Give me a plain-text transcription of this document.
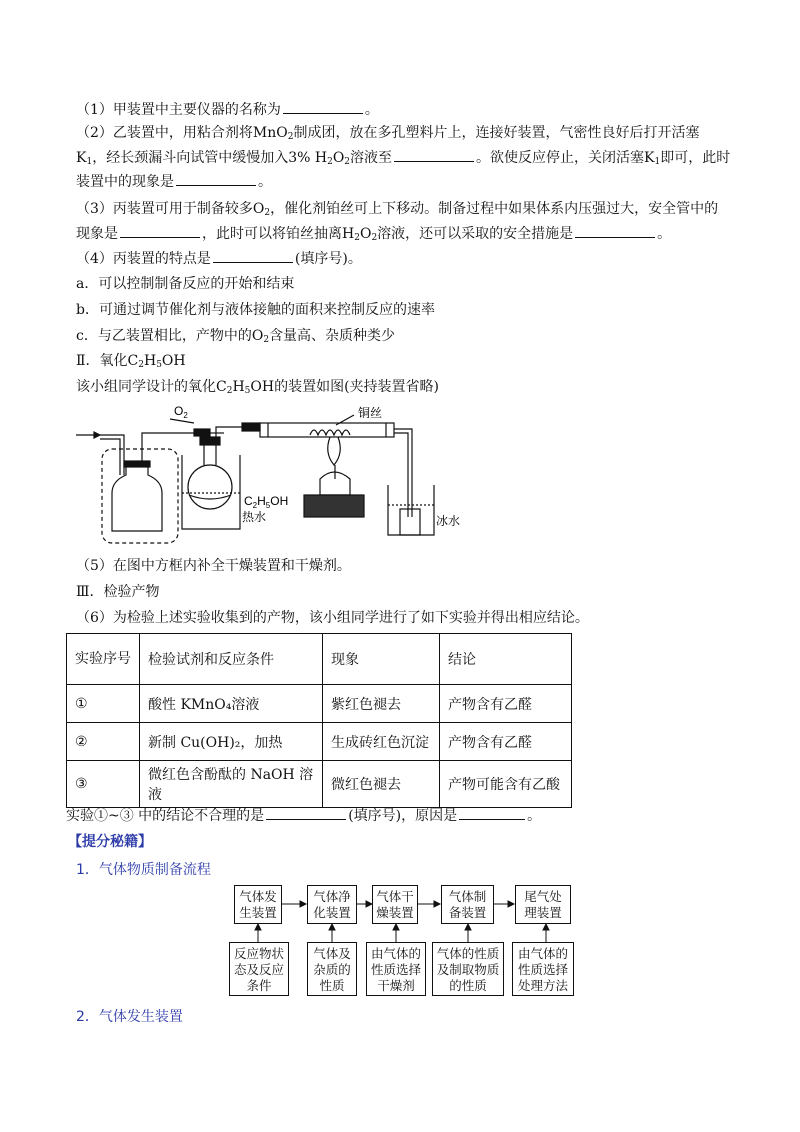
（1）甲装置中主要仪器的名称为	。
（2）乙装置中，用粘合剂将MnO$_2$制成团，放在多孔塑料片上，连接好装置，气密性良好后打开活塞
$K_1$，经长颈漏斗向试管中缓慢加入3% $H_2O_2$溶液至	。欲使反应停止，关闭活塞$K_1$即可，此时
装置中的现象是	。
（3）丙装置可用于制备较多$O_2$，催化剂铂丝可上下移动。制备过程中如果体系内压强过大，安全管中的
现象是	，此时可以将铂丝抽离$H_2O_2$溶液，还可以采取的安全措施是	。
（4）丙装置的特点是	(填序号)。
a．可以控制制备反应的开始和结束
b．可通过调节催化剂与液体接触的面积来控制反应的速率
c．与乙装置相比，产物中的$O_2$含量高、杂质种类少
Ⅱ．氧化$C_2H_5OH$
该小组同学设计的氧化$C_2H_5OH$的装置如图(夹持装置省略)
$O_2$	铜丝
$C_2H_5OH$
热水	冰水
（5）在图中方框内补全干燥装置和干燥剂。
Ⅲ．检验产物
（6）为检验上述实验收集到的产物，该小组同学进行了如下实验并得出相应结论。
实验序号	检验试剂和反应条件	现象	结论
①	酸性 KMnO₄溶液	紫红色褪去	产物含有乙醛
②	新制 Cu(OH)₂，加热	生成砖红色沉淀	产物含有乙醛
③	微红色含酚酞的 NaOH 溶液	微红色褪去	产物可能含有乙酸
实验①~③ 中的结论不合理的是	(填序号)，原因是	。
【提分秘籍】
1．气体物质制备流程
气体发
生装置
气体净
化装置
气体干
燥装置
气体制
备装置
尾气处
理装置
反应物状
态及反应
条件
气体及
杂质的
性质
由气体的
性质选择
干燥剂
气体的性质
及制取物质
的性质
由气体的
性质选择
处理方法
2．气体发生装置
